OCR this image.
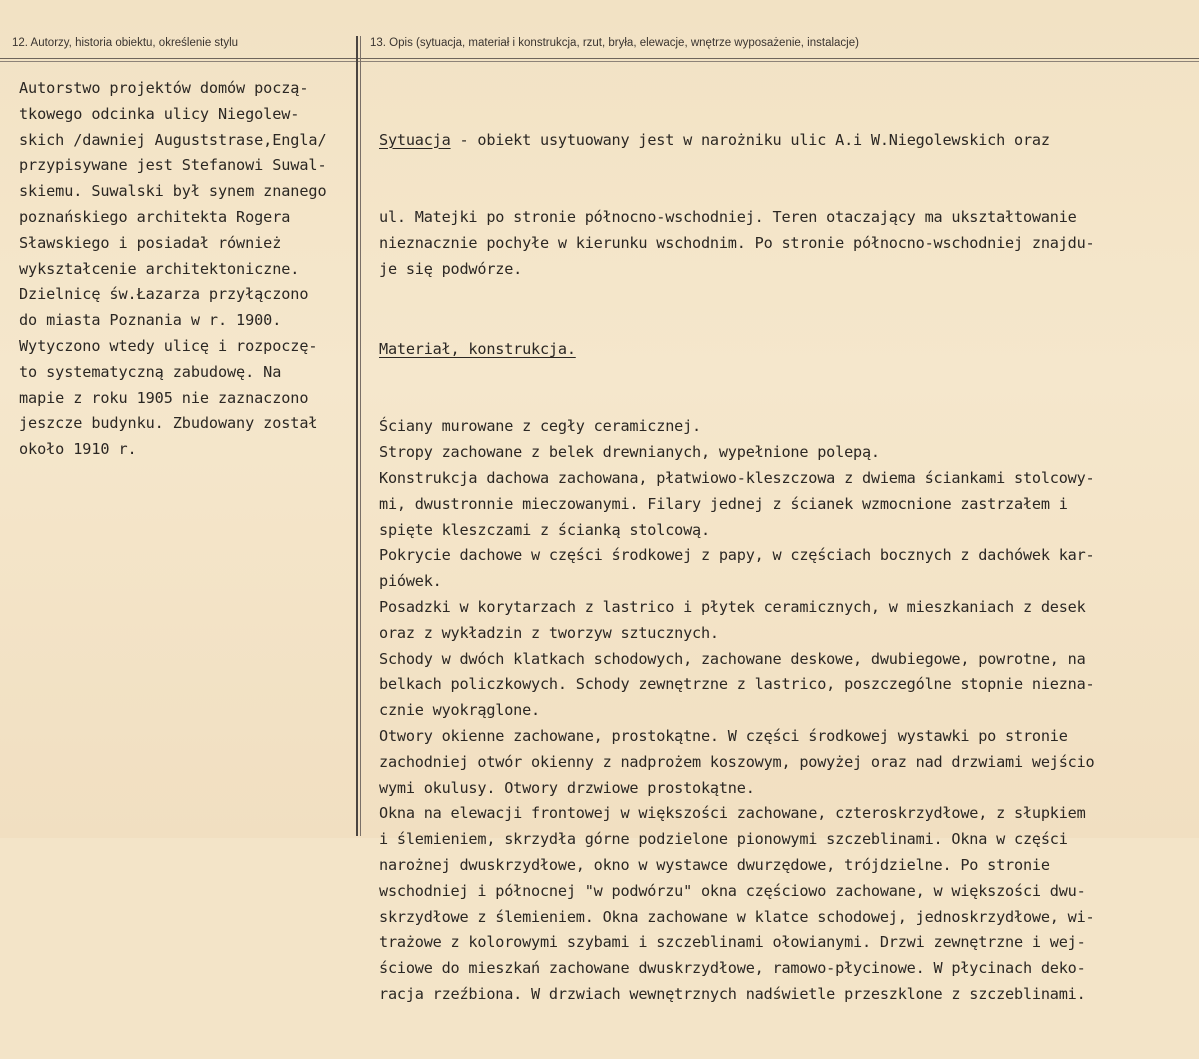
12. Autorzy, historia obiektu, określenie stylu	13. Opis (sytuacja, materiał i konstrukcja, rzut, bryła, elewacje, wnętrze wyposażenie, instalacje)
Autorstwo projektów domów począ-
tkowego odcinka ulicy Niegolew-
skich /dawniej Auguststrase,Engla/
przypisywane jest Stefanowi Suwal-
skiemu. Suwalski był synem znanego
poznańskiego architekta Rogera
Sławskiego i posiadał również
wykształcenie architektoniczne.
Dzielnicę św.Łazarza przyłączono
do miasta Poznania w r. 1900.
Wytyczono wtedy ulicę i rozpoczę-
to systematyczną zabudowę. Na
mapie z roku 1905 nie zaznaczono
jeszcze budynku. Zbudowany został
około 1910 r.

Sytuacja - obiekt usytuowany jest w narożniku ulic A.i W.Niegolewskich oraz

ul. Matejki po stronie północno-wschodniej. Teren otaczający ma ukształtowanie
nieznacznie pochyłe w kierunku wschodnim. Po stronie północno-wschodniej znajdu-
je się podwórze.

Materiał, konstrukcja.

Ściany murowane z cegły ceramicznej.
Stropy zachowane z belek drewnianych, wypełnione polepą.
Konstrukcja dachowa zachowana, płatwiowo-kleszczowa z dwiema ściankami stolcowy-
mi, dwustronnie mieczowanymi. Filary jednej z ścianek wzmocnione zastrzałem i
spięte kleszczami z ścianką stolcową.
Pokrycie dachowe w części środkowej z papy, w częściach bocznych z dachówek kar-
piówek.
Posadzki w korytarzach z lastrico i płytek ceramicznych, w mieszkaniach z desek
oraz z wykładzin z tworzyw sztucznych.
Schody w dwóch klatkach schodowych, zachowane deskowe, dwubiegowe, powrotne, na
belkach policzkowych. Schody zewnętrzne z lastrico, poszczególne stopnie niezna-
cznie wyokrąglone.
Otwory okienne zachowane, prostokątne. W części środkowej wystawki po stronie
zachodniej otwór okienny z nadprożem koszowym, powyżej oraz nad drzwiami wejścio
wymi okulusy. Otwory drzwiowe prostokątne.
Okna na elewacji frontowej w większości zachowane, czteroskrzydłowe, z słupkiem
i ślemieniem, skrzydła górne podzielone pionowymi szczeblinami. Okna w części
narożnej dwuskrzydłowe, okno w wystawce dwurzędowe, trójdzielne. Po stronie
wschodniej i północnej "w podwórzu" okna częściowo zachowane, w większości dwu-
skrzydłowe z ślemieniem. Okna zachowane w klatce schodowej, jednoskrzydłowe, wi-
trażowe z kolorowymi szybami i szczeblinami ołowianymi. Drzwi zewnętrzne i wej-
ściowe do mieszkań zachowane dwuskrzydłowe, ramowo-płycinowe. W płycinach deko-
racja rzeźbiona. W drzwiach wewnętrznych nadświetle przeszklone z szczeblinami.
